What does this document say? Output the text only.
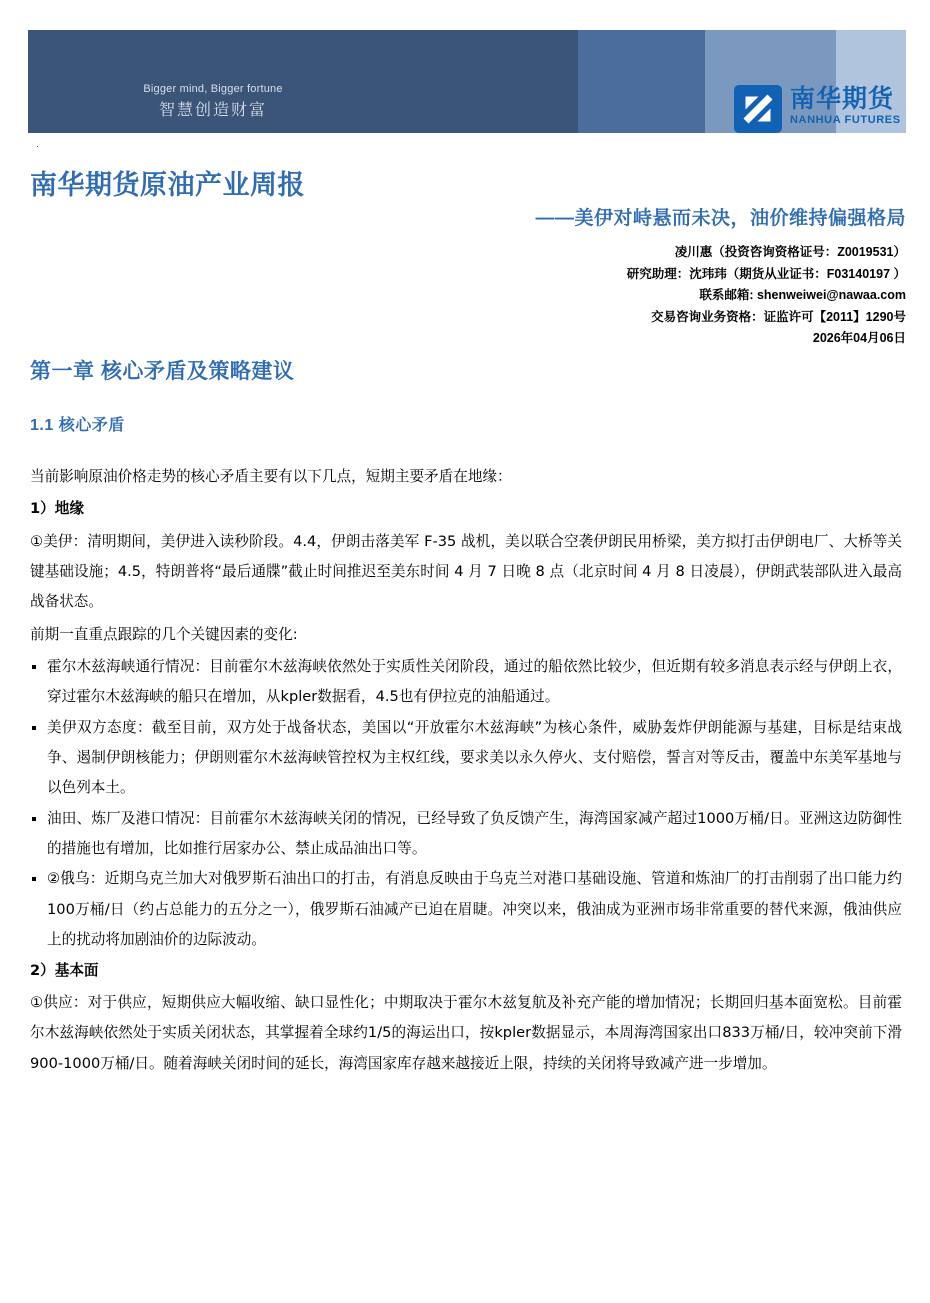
Bigger mind, Bigger fortune
智慧创造财富	南华期货
NANHUA FUTURES
·
南华期货原油产业周报
——美伊对峙悬而未决，油价维持偏强格局
凌川惠（投资咨询资格证号：Z0019531）
研究助理：沈玮玮（期货从业证书：F03140197 ）
联系邮箱: shenweiwei@nawaa.com
交易咨询业务资格：证监许可【2011】1290号
2026年04月06日
第一章 核心矛盾及策略建议
1.1 核心矛盾

当前影响原油价格走势的核心矛盾主要有以下几点，短期主要矛盾在地缘：

1）地缘

①美伊：清明期间，美伊进入读秒阶段。4.4，伊朗击落美军 F-35 战机，美以联合空袭伊朗民用桥梁，美方拟打击伊朗电厂、大桥等关键基础设施；4.5，特朗普将“最后通牒”截止时间推迟至美东时间 4 月 7 日晚 8 点（北京时间 4 月 8 日凌晨），伊朗武装部队进入最高战备状态。

前期一直重点跟踪的几个关键因素的变化:

霍尔木兹海峡通行情况：目前霍尔木兹海峡依然处于实质性关闭阶段，通过的船依然比较少，但近期有较多消息表示经与伊朗上衣，穿过霍尔木兹海峡的船只在增加，从kpler数据看，4.5也有伊拉克的油船通过。

美伊双方态度：截至目前，双方处于战备状态，美国以“开放霍尔木兹海峡”为核心条件，威胁轰炸伊朗能源与基建，目标是结束战争、遏制伊朗核能力；伊朗则霍尔木兹海峡管控权为主权红线，要求美以永久停火、支付赔偿，誓言对等反击，覆盖中东美军基地与以色列本土。

油田、炼厂及港口情况：目前霍尔木兹海峡关闭的情况，已经导致了负反馈产生，海湾国家减产超过1000万桶/日。亚洲这边防御性的措施也有增加，比如推行居家办公、禁止成品油出口等。

②俄乌：近期乌克兰加大对俄罗斯石油出口的打击，有消息反映由于乌克兰对港口基础设施、管道和炼油厂的打击削弱了出口能力约100万桶/日（约占总能力的五分之一），俄罗斯石油减产已迫在眉睫。冲突以来，俄油成为亚洲市场非常重要的替代来源，俄油供应上的扰动将加剧油价的边际波动。

2）基本面

①供应：对于供应，短期供应大幅收缩、缺口显性化；中期取决于霍尔木兹复航及补充产能的增加情况；长期回归基本面宽松。目前霍尔木兹海峡依然处于实质关闭状态，其掌握着全球约1/5的海运出口，按kpler数据显示，本周海湾国家出口833万桶/日，较冲突前下滑900-1000万桶/日。随着海峡关闭时间的延长，海湾国家库存越来越接近上限，持续的关闭将导致减产进一步增加。
